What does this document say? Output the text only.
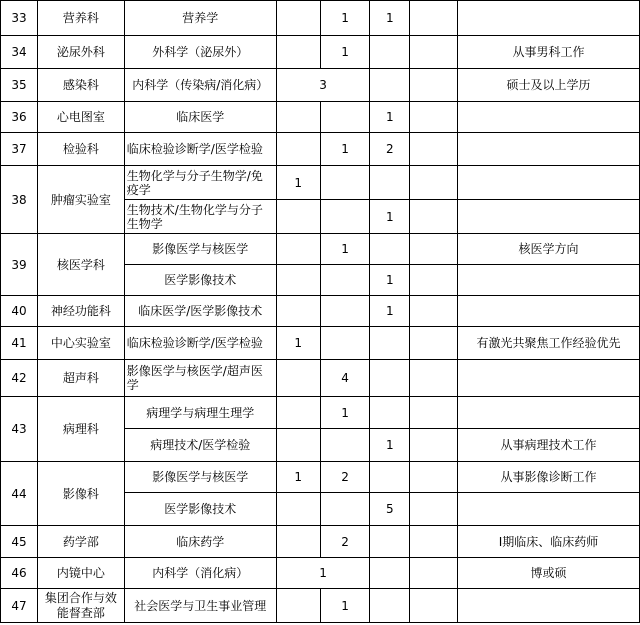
33	营养科	营养学		1	1		
34	泌尿外科	外科学（泌尿外）		1			从事男科工作
35	感染科	内科学（传染病/消化病）	3				硕士及以上学历
36	心电图室	临床医学			1		
37	检验科	临床检验诊断学/医学检验		1	2		
38	肿瘤实验室	生物化学与分子生物学/免疫学	1				
		生物技术/生物化学与分子生物学			1		
39	核医学科	影像医学与核医学		1			核医学方向
		医学影像技术			1		
40	神经功能科	临床医学/医学影像技术			1		
41	中心实验室	临床检验诊断学/医学检验	1				有激光共聚焦工作经验优先
42	超声科	影像医学与核医学/超声医学		4			
43	病理科	病理学与病理生理学		1			
		病理技术/医学检验			1		从事病理技术工作
44	影像科	影像医学与核医学	1	2			从事影像诊断工作
		医学影像技术			5		
45	药学部	临床药学		2			Ⅰ期临床、临床药师
46	内镜中心	内科学（消化病）	1				博或硕
47	集团合作与效能督查部	社会医学与卫生事业管理		1			
